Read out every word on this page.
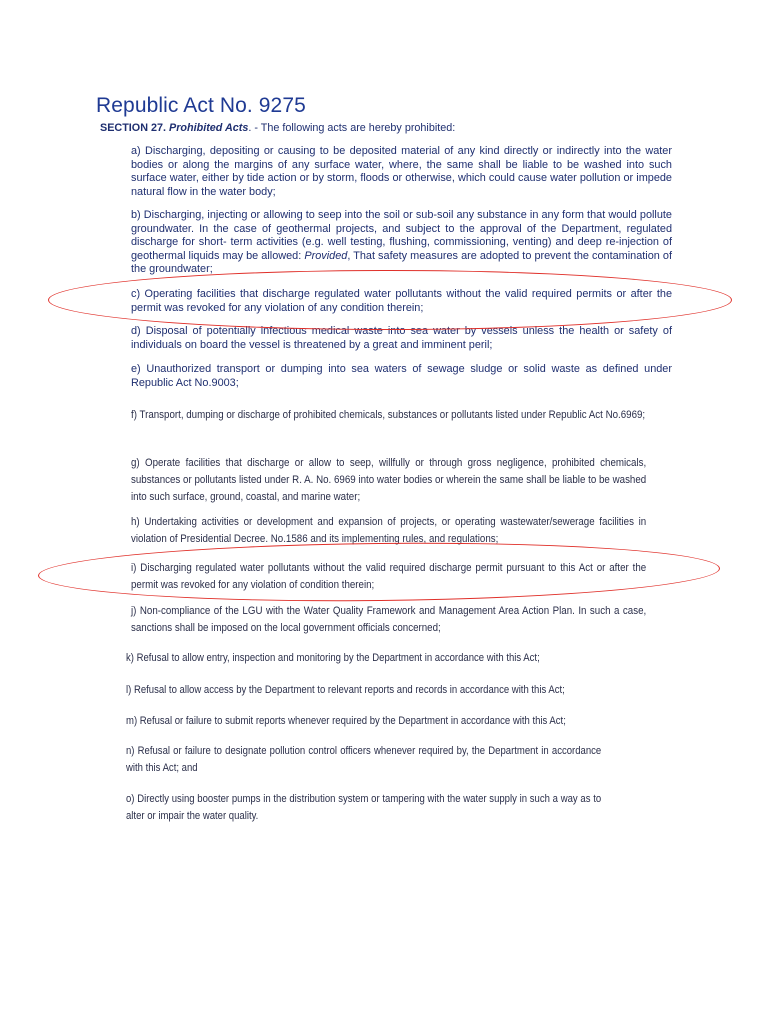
Republic Act No. 9275

SECTION 27. Prohibited Acts. - The following acts are hereby prohibited:

a) Discharging, depositing or causing to be deposited material of any kind directly or indirectly into the water bodies or along the margins of any surface water, where, the same shall be liable to be washed into such surface water, either by tide action or by storm, floods or otherwise, which could cause water pollution or impede natural flow in the water body;

b) Discharging, injecting or allowing to seep into the soil or sub-soil any substance in any form that would pollute groundwater. In the case of geothermal projects, and subject to the approval of the Department, regulated discharge for short- term activities (e.g. well testing, flushing, commissioning, venting) and deep re-injection of geothermal liquids may be allowed: Provided, That safety measures are adopted to prevent the contamination of the groundwater;

c) Operating facilities that discharge regulated water pollutants without the valid required permits or after the permit was revoked for any violation of any condition therein;

d) Disposal of potentially infectious medical waste into sea water by vessels unless the health or safety of individuals on board the vessel is threatened by a great and imminent peril;

e) Unauthorized transport or dumping into sea waters of sewage sludge or solid waste as defined under Republic Act No.9003;

f) Transport, dumping or discharge of prohibited chemicals, substances or pollutants listed under Republic Act No.6969;

g) Operate facilities that discharge or allow to seep, willfully or through gross negligence, prohibited chemicals, substances or pollutants listed under R. A. No. 6969 into water bodies or wherein the same shall be liable to be washed into such surface, ground, coastal, and marine water;

h) Undertaking activities or development and expansion of projects, or operating wastewater/sewerage facilities in violation of Presidential Decree. No.1586 and its implementing rules, and regulations;

i) Discharging regulated water pollutants without the valid required discharge permit pursuant to this Act or after the permit was revoked for any violation of condition therein;

j) Non-compliance of the LGU with the Water Quality Framework and Management Area Action Plan. In such a case, sanctions shall be imposed on the local government officials concerned;

k) Refusal to allow entry, inspection and monitoring by the Department in accordance with this Act;

l) Refusal to allow access by the Department to relevant reports and records in accordance with this Act;

m) Refusal or failure to submit reports whenever required by the Department in accordance with this Act;

n) Refusal or failure to designate pollution control officers whenever required by, the Department in accordance with this Act; and

o) Directly using booster pumps in the distribution system or tampering with the water supply in such a way as to alter or impair the water quality.
